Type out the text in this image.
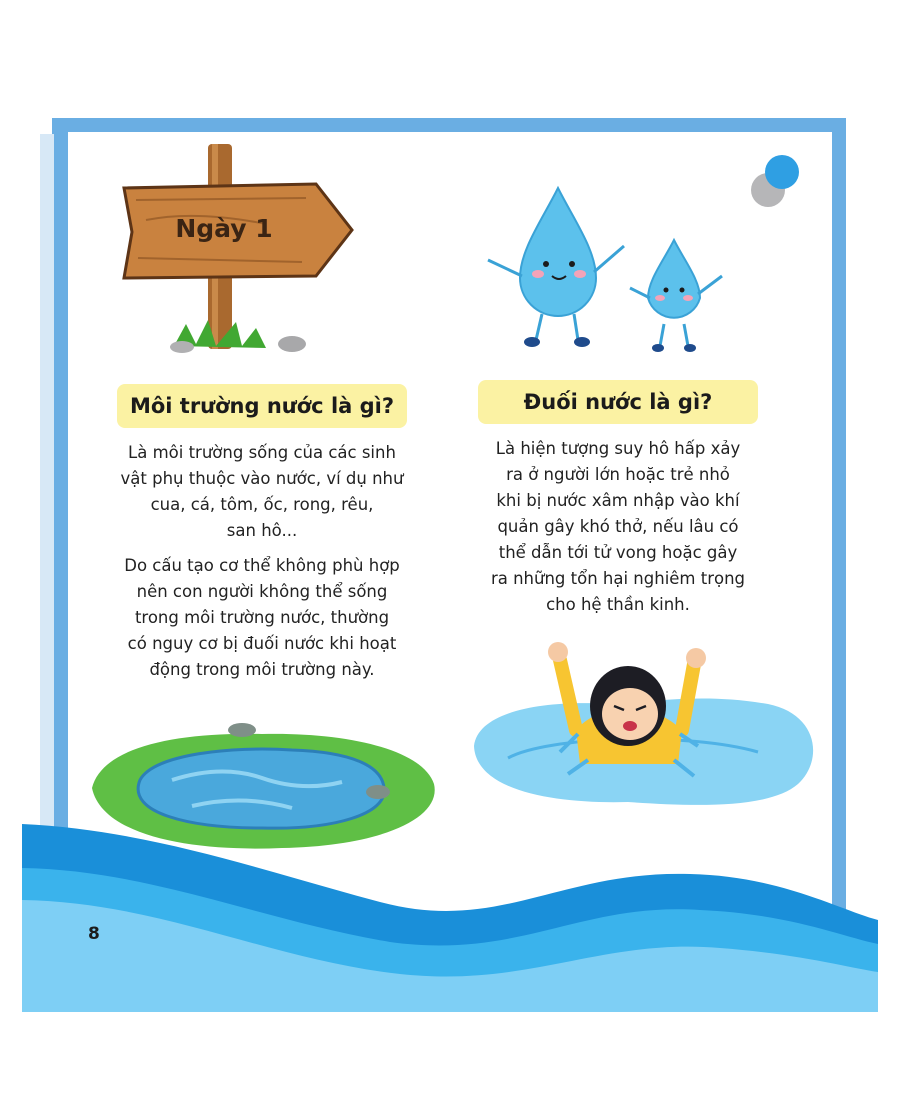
Ngày 1
Môi trường nước là gì?	Đuối nước là gì?
Là môi trường sống của các sinh
vật phụ thuộc vào nước, ví dụ như
cua, cá, tôm, ốc, rong, rêu,
san hô...
Do cấu tạo cơ thể không phù hợp
nên con người không thể sống
trong môi trường nước, thường
có nguy cơ bị đuối nước khi hoạt
động trong môi trường này.
Là hiện tượng suy hô hấp xảy
ra ở người lớn hoặc trẻ nhỏ
khi bị nước xâm nhập vào khí
quản gây khó thở, nếu lâu có
thể dẫn tới tử vong hoặc gây
ra những tổn hại nghiêm trọng
cho hệ thần kinh.
8
